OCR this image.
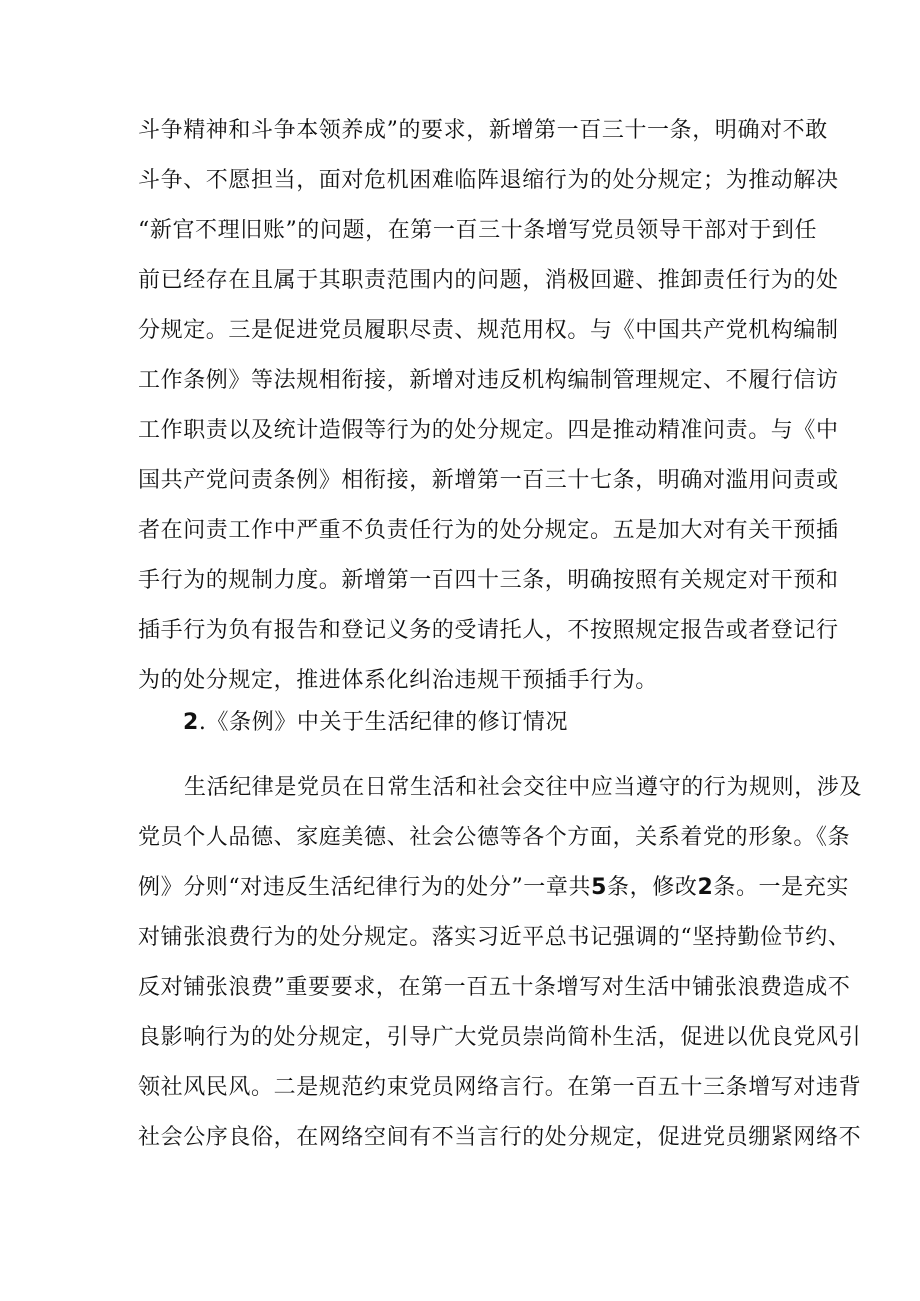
斗争精神和斗争本领养成”的要求，新增第一百三十一条，明确对不敢
斗争、不愿担当，面对危机困难临阵退缩行为的处分规定；为推动解决
“新官不理旧账”的问题，在第一百三十条增写党员领导干部对于到任
前已经存在且属于其职责范围内的问题，消极回避、推卸责任行为的处
分规定。三是促进党员履职尽责、规范用权。与《中国共产党机构编制
工作条例》等法规相衔接，新增对违反机构编制管理规定、不履行信访
工作职责以及统计造假等行为的处分规定。四是推动精准问责。与《中
国共产党问责条例》相衔接，新增第一百三十七条，明确对滥用问责或
者在问责工作中严重不负责任行为的处分规定。五是加大对有关干预插
手行为的规制力度。新增第一百四十三条，明确按照有关规定对干预和
插手行为负有报告和登记义务的受请托人，不按照规定报告或者登记行
为的处分规定，推进体系化纠治违规干预插手行为。
2.《条例》中关于生活纪律的修订情况
生活纪律是党员在日常生活和社会交往中应当遵守的行为规则，涉及
党员个人品德、家庭美德、社会公德等各个方面，关系着党的形象。《条
例》分则“对违反生活纪律行为的处分”一章共5条，修改2条。一是充实
对铺张浪费行为的处分规定。落实习近平总书记强调的“坚持勤俭节约、
反对铺张浪费”重要要求，在第一百五十条增写对生活中铺张浪费造成不
良影响行为的处分规定，引导广大党员崇尚简朴生活，促进以优良党风引
领社风民风。二是规范约束党员网络言行。在第一百五十三条增写对违背
社会公序良俗，在网络空间有不当言行的处分规定，促进党员绷紧网络不
